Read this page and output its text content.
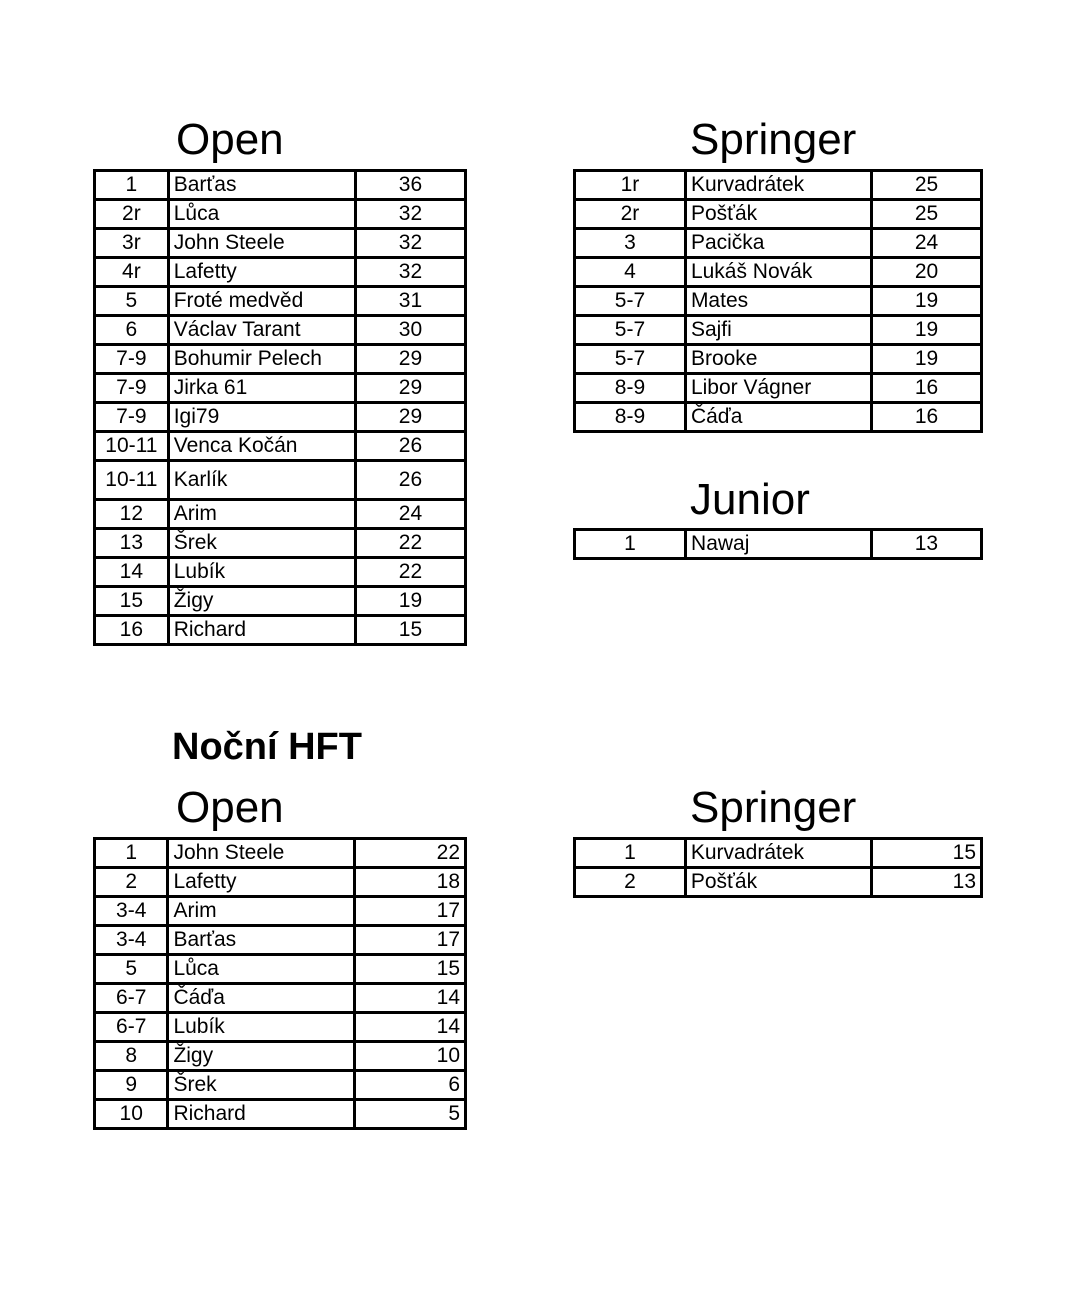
Open	Springer
Junior
Noční HFT
Open	Springer
1	Barťas	36
2r	Lůca	32
3r	John Steele	32
4r	Lafetty	32
5	Froté medvěd	31
6	Václav Tarant	30
7-9	Bohumir Pelech	29
7-9	Jirka 61	29
7-9	Igi79	29
10-11	Venca Kočán	26
10-11	Karlík	26
12	Arim	24
13	Šrek	22
14	Lubík	22
15	Žigy	19
16	Richard	15
1r	Kurvadrátek	25
2r	Pošťák	25
3	Pacička	24
4	Lukáš Novák	20
5-7	Mates	19
5-7	Sajfi	19
5-7	Brooke	19
8-9	Libor Vágner	16
8-9	Čáďa	16
1	Nawaj	13
1	John Steele	22
2	Lafetty	18
3-4	Arim	17
3-4	Barťas	17
5	Lůca	15
6-7	Čáďa	14
6-7	Lubík	14
8	Žigy	10
9	Šrek	6
10	Richard	5
1	Kurvadrátek	15
2	Pošťák	13
